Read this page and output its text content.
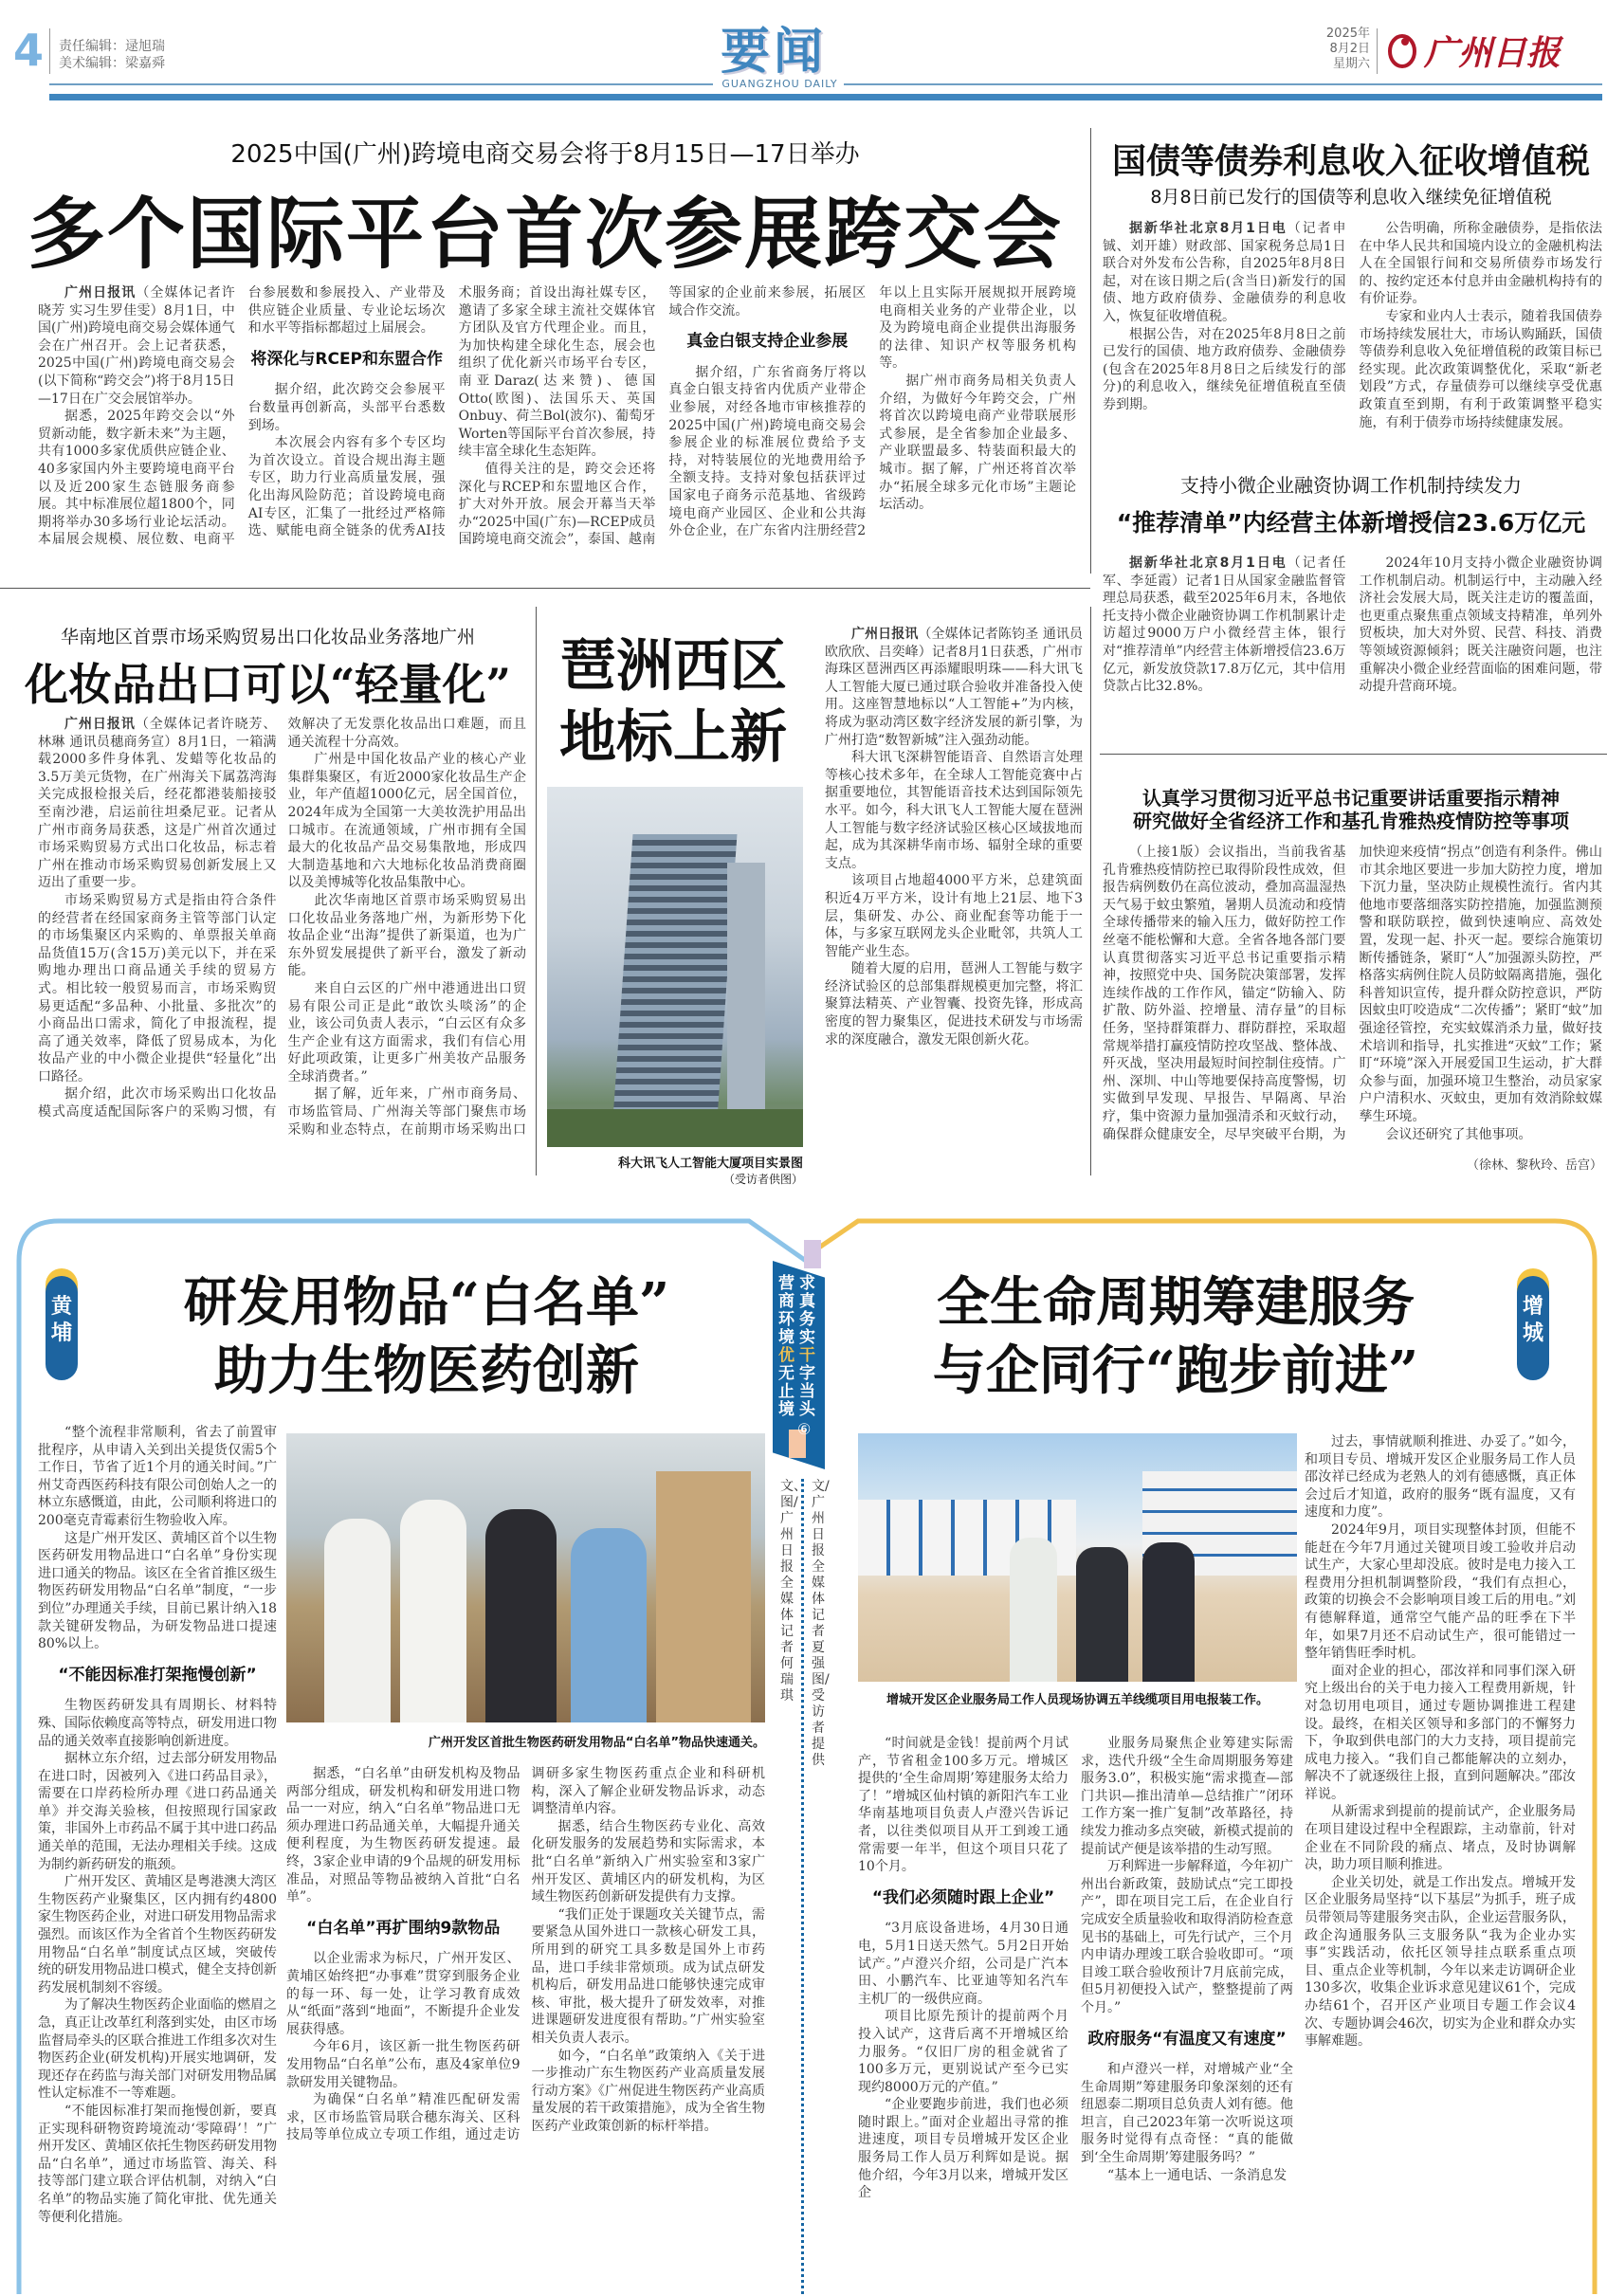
4 责任编辑：逯旭瑞
美术编辑：梁嘉舜	要闻
GUANGZHOU DAILY
2025年
8月2日
星期六 广州日报
2025中国(广州)跨境电商交易会将于8月15日—17日举办
多个国际平台首次参展跨交会

广州日报讯（全媒体记者许晓芳 实习生罗佳雯）8月1日，中国(广州)跨境电商交易会媒体通气会在广州召开。会上记者获悉，2025中国(广州)跨境电商交易会(以下简称“跨交会”)将于8月15日—17日在广交会展馆举办。

据悉，2025年跨交会以“外贸新动能，数字新未来”为主题，共有1000多家优质供应链企业、40多家国内外主要跨境电商平台以及近200家生态链服务商参展。其中标准展位超1800个，同期将举办30多场行业论坛活动。本届展会规模、展位数、电商平台参展数和参展投入、产业带及供应链企业质量、专业论坛场次和水平等指标都超过上届展会。

将深化与RCEP和东盟合作

据介绍，此次跨交会参展平台数量再创新高，头部平台悉数到场。

本次展会内容有多个专区均为首次设立。首设合规出海主题专区，助力行业高质量发展，强化出海风险防范；首设跨境电商AI专区，汇集了一批经过严格筛选、赋能电商全链条的优秀AI技术服务商；首设出海社媒专区，邀请了多家全球主流社交媒体官方团队及官方代理企业。而且，为加快构建全球化生态，展会也组织了优化新兴市场平台专区，南亚Daraz(达来赞)、德国Otto(欧图)、法国乐天、英国Onbuy、荷兰Bol(波尔)、葡萄牙Worten等国际平台首次参展，持续丰富全球化生态矩阵。

值得关注的是，跨交会还将深化与RCEP和东盟地区合作，扩大对外开放。展会开幕当天举办“2025中国(广东)—RCEP成员国跨境电商交流会”，泰国、越南等国家的企业前来参展，拓展区域合作交流。

真金白银支持企业参展

据介绍，广东省商务厅将以真金白银支持省内优质产业带企业参展，对经各地市审核推荐的2025中国(广州)跨境电商交易会参展企业的标准展位费给予支持，对特装展位的光地费用给予全额支持。支持对象包括获评过国家电子商务示范基地、省级跨境电商产业园区、企业和公共海外仓企业，在广东省内注册经营2年以上且实际开展规拟开展跨境电商相关业务的产业带企业，以及为跨境电商企业提供出海服务的法律、知识产权等服务机构等。

据广州市商务局相关负责人介绍，为做好今年跨交会，广州将首次以跨境电商产业带联展形式参展，是全省参加企业最多、产业联盟最多、特装面积最大的城市。据了解，广州还将首次举办“拓展全球多元化市场”主题论坛活动。

国债等债券利息收入征收增值税
8月8日前已发行的国债等利息收入继续免征增值税

据新华社北京8月1日电（记者申铖、刘开雄）财政部、国家税务总局1日联合对外发布公告称，自2025年8月8日起，对在该日期之后(含当日)新发行的国债、地方政府债券、金融债券的利息收入，恢复征收增值税。

根据公告，对在2025年8月8日之前已发行的国债、地方政府债券、金融债券(包含在2025年8月8日之后续发行的部分)的利息收入，继续免征增值税直至债券到期。

公告明确，所称金融债券，是指依法在中华人民共和国境内设立的金融机构法人在全国银行间和交易所债券市场发行的、按约定还本付息并由金融机构持有的有价证券。

专家和业内人士表示，随着我国债券市场持续发展壮大，市场认购踊跃，国债等债券利息收入免征增值税的政策目标已经实现。此次政策调整优化，采取“新老划段”方式，存量债券可以继续享受优惠政策直至到期，有利于政策调整平稳实施，有利于债券市场持续健康发展。

支持小微企业融资协调工作机制持续发力
“推荐清单”内经营主体新增授信23.6万亿元

据新华社北京8月1日电（记者任军、李延霞）记者1日从国家金融监督管理总局获悉，截至2025年6月末，各地依托支持小微企业融资协调工作机制累计走访超过9000万户小微经营主体，银行对“推荐清单”内经营主体新增授信23.6万亿元，新发放贷款17.8万亿元，其中信用贷款占比32.8%。

2024年10月支持小微企业融资协调工作机制启动。机制运行中，主动融入经济社会发展大局，既关注走访的覆盖面，也更重点聚焦重点领域支持精准，单列外贸板块，加大对外贸、民营、科技、消费等领域资源倾斜；既关注融资问题，也注重解决小微企业经营面临的困难问题，带动提升营商环境。

华南地区首票市场采购贸易出口化妆品业务落地广州
化妆品出口可以“轻量化”

广州日报讯（全媒体记者许晓芳、林琳 通讯员穗商务宣）8月1日，一箱满载2000多件身体乳、发蜡等化妆品的3.5万美元货物，在广州海关下属荔湾海关完成报检报关后，经花都港装船接驳至南沙港，启运前往坦桑尼亚。记者从广州市商务局获悉，这是广州首次通过市场采购贸易方式出口化妆品，标志着广州在推动市场采购贸易创新发展上又迈出了重要一步。

市场采购贸易方式是指由符合条件的经营者在经国家商务主管等部门认定的市场集聚区内采购的、单票报关单商品货值15万(含15万)美元以下，并在采购地办理出口商品通关手续的贸易方式。相比较一般贸易而言，市场采购贸易更适配“多品种、小批量、多批次”的小商品出口需求，简化了申报流程，提高了通关效率，降低了贸易成本，为化妆品产业的中小微企业提供“轻量化”出口路径。

据介绍，此次市场采购出口化妆品模式高度适配国际客户的采购习惯，有效解决了无发票化妆品出口难题，而且通关流程十分高效。

广州是中国化妆品产业的核心产业集群集聚区，有近2000家化妆品生产企业，年产值超1000亿元，居全国首位，2024年成为全国第一大美妆洗护用品出口城市。在流通领域，广州市拥有全国最大的化妆品产品交易集散地，形成四大制造基地和六大地标化妆品消费商圈以及美博城等化妆品集散中心。

此次华南地区首票市场采购贸易出口化妆品业务落地广州，为新形势下化妆品企业“出海”提供了新渠道，也为广东外贸发展提供了新平台，激发了新动能。

来自白云区的广州中港通进出口贸易有限公司正是此“敢饮头啖汤”的企业，该公司负责人表示，“白云区有众多生产企业有这方面需求，我们有信心用好此项政策，让更多广州美妆产品服务全球消费者。”

据了解，近年来，广州市商务局、市场监管局、广州海关等部门聚焦市场采购和业态特点，在前期市场采购出口

琶洲西区
地标上新
科大讯飞人工智能大厦项目实景图
（受访者供图）

广州日报讯（全媒体记者陈钧圣 通讯员欧欣欣、吕奕峰）记者8月1日获悉，广州市海珠区琶洲西区再添耀眼明珠——科大讯飞人工智能大厦已通过联合验收并准备投入使用。这座智慧地标以“人工智能+”为内核，将成为驱动湾区数字经济发展的新引擎，为广州打造“数智新城”注入强劲动能。

科大讯飞深耕智能语音、自然语言处理等核心技术多年，在全球人工智能竞赛中占据重要地位，其智能语音技术达到国际领先水平。如今，科大讯飞人工智能大厦在琶洲人工智能与数字经济试验区核心区域拔地而起，成为其深耕华南市场、辐射全球的重要支点。

该项目占地超4000平方米，总建筑面积近4万平方米，设计有地上21层、地下3层，集研发、办公、商业配套等功能于一体，与多家互联网龙头企业毗邻，共筑人工智能产业生态。

随着大厦的启用，琶洲人工智能与数字经济试验区的总部集群规模更加完整，将汇聚算法精英、产业智囊、投资先锋，形成高密度的智力聚集区，促进技术研发与市场需求的深度融合，激发无限创新火花。

认真学习贯彻习近平总书记重要讲话重要指示精神
研究做好全省经济工作和基孔肯雅热疫情防控等事项

（上接1版）会议指出，当前我省基孔肯雅热疫情防控已取得阶段性成效，但报告病例数仍在高位波动，叠加高温湿热天气易于蚊虫繁殖，暑期人员流动和疫情全球传播带来的输入压力，做好防控工作丝毫不能松懈和大意。全省各地各部门要认真贯彻落实习近平总书记重要指示精神，按照党中央、国务院决策部署，发挥连续作战的工作作风，锚定“防输入、防扩散、防外溢、控增量、清存量”的目标任务，坚持群策群力、群防群控，采取超常规举措打赢疫情防控攻坚战、整体战、歼灭战，坚决用最短时间控制住疫情。广州、深圳、中山等地要保持高度警惕，切实做到早发现、早报告、早隔离、早治疗，集中资源力量加强清杀和灭蚊行动，确保群众健康安全，尽早突破平台期，为加快迎来疫情“拐点”创造有利条件。佛山市其余地区要进一步加大防控力度，增加下沉力量，坚决防止规模性流行。省内其他地市要落细落实防控措施，加强监测预警和联防联控，做到快速响应、高效处置，发现一起、扑灭一起。要综合施策切断传播链条，紧盯“人”加强源头防控，严格落实病例住院人员防蚊隔离措施，强化科普知识宣传，提升群众防控意识，严防因蚊虫叮咬造成“二次传播”；紧盯“蚊”加强途径管控，充实蚊媒消杀力量，做好技术培训和指导，扎实推进“灭蚊”工作；紧盯“环境”深入开展爱国卫生运动，扩大群众参与面，加强环境卫生整治，动员家家户户清积水、灭蚊虫，更加有效消除蚊媒孳生环境。

会议还研究了其他事项。

（徐林、黎秋玲、岳宫）
求真务实干字当头
营商环境优无止境
⑥
文/广州日报全媒体记者夏强 图/受访者提供
文、图/广州日报全媒体记者何瑞琪
黄埔	研发用物品“白名单”
助力生物医药创新
广州开发区首批生物医药研发用物品“白名单”物品快速通关。

“整个流程非常顺利，省去了前置审批程序，从申请入关到出关提货仅需5个工作日，节省了近1个月的通关时间。”广州艾奇西医药科技有限公司创始人之一的林立东感慨道，由此，公司顺利将进口的200毫克青霉素衍生物验收入库。

这是广州开发区、黄埔区首个以生物医药研发用物品进口“白名单”身份实现进口通关的物品。该区在全省首推区级生物医药研发用物品“白名单”制度，“一步到位”办理通关手续，目前已累计纳入18款关键研发物品，为研发物品进口提速80%以上。

“不能因标准打架拖慢创新”

生物医药研发具有周期长、材料特殊、国际依赖度高等特点，研发用进口物品的通关效率直接影响创新进度。

据林立东介绍，过去部分研发用物品在进口时，因被列入《进口药品目录》，需要在口岸药检所办理《进口药品通关单》并交海关验核，但按照现行国家政策，非国外上市药品不属于其中进口药品通关单的范围，无法办理相关手续。这成为制约新药研发的瓶颈。

广州开发区、黄埔区是粤港澳大湾区生物医药产业聚集区，区内拥有约4800家生物医药企业，对进口研发用物品需求强烈。而该区作为全省首个生物医药研发用物品“白名单”制度试点区域，突破传统的研发用物品进口模式，健全支持创新药发展机制刻不容缓。

为了解决生物医药企业面临的燃眉之急，真正让改革红利落到实处，由区市场监督局牵头的区联合推进工作组多次对生物医药企业(研发机构)开展实地调研，发现还存在药监与海关部门对研发用物品属性认定标准不一等难题。

“不能因标准打架而拖慢创新，要真正实现科研物资跨境流动‘零障碍’！”广州开发区、黄埔区依托生物医药研发用物品“白名单”，通过市场监管、海关、科技等部门建立联合评估机制，对纳入“白名单”的物品实施了简化审批、优先通关等便利化措施。

据悉，“白名单”由研发机构及物品两部分组成，研发机构和研发用进口物品一一对应，纳入“白名单”物品进口无须办理进口药品通关单，大幅提升通关便利程度，为生物医药研发提速。最终，3家企业申请的9个品规的研发用标准品，对照品等物品被纳入首批“白名单”。

“白名单”再扩围纳9款物品

以企业需求为标尺，广州开发区、黄埔区始终把“办事难”贯穿到服务企业的每一环、每一处，让学习教育成效从“纸面”落到“地面”，不断提升企业发展获得感。

今年6月，该区新一批生物医药研发用物品“白名单”公布，惠及4家单位9款研发用关键物品。

为确保“白名单”精准匹配研发需求，区市场监管局联合穗东海关、区科技局等单位成立专项工作组，通过走访调研多家生物医药重点企业和科研机构，深入了解企业研发物品诉求，动态调整清单内容。

据悉，结合生物医药专业化、高效化研发服务的发展趋势和实际需求，本批“白名单”新纳入广州实验室和3家广州开发区、黄埔区内的研发机构，为区域生物医药创新研发提供有力支撑。

“我们正处于课题攻关关键节点，需要紧急从国外进口一款核心研发工具，所用到的研究工具多数是国外上市药品，进口手续非常烦琐。成为试点研发机构后，研发用品进口能够快速完成审核、审批，极大提升了研发效率，对推进课题研发进度很有帮助。”广州实验室相关负责人表示。

如今，“白名单”政策纳入《关于进一步推动广东生物医药产业高质量发展行动方案》《广州促进生物医药产业高质量发展的若干政策措施》，成为全省生物医药产业政策创新的标杆举措。

增城
全生命周期筹建服务
与企同行“跑步前进”
增城开发区企业服务局工作人员现场协调五羊线缆项目用电报装工作。

“时间就是金钱！提前两个月试产，节省租金100多万元。增城区提供的‘全生命周期’筹建服务太给力了！”增城区仙村镇的新阳汽车工业华南基地项目负责人卢澄兴告诉记者，以往类似项目从开工到竣工通常需要一年半，但这个项目只花了10个月。

“我们必须随时跟上企业”

“3月底设备进场，4月30日通电，5月1日送天然气。5月2日开始试产。”卢澄兴介绍，公司是广汽本田、小鹏汽车、比亚迪等知名汽车主机厂的一级供应商。

项目比原先预计的提前两个月投入试产，这背后离不开增城区给力服务。“仅旧厂房的租金就省了100多万元，更别说试产至今已实现约8000万元的产值。”

“企业要跑步前进，我们也必须随时跟上。”面对企业超出寻常的推进速度，项目专员增城开发区企业服务局工作人员万利辉如是说。据他介绍，今年3月以来，增城开发区企

业服务局聚焦企业筹建实际需求，迭代升级“全生命周期服务筹建服务3.0”，积极实施“需求揽查—部门共识—推出清单—总结推广”闭环工作方案一推广复制”改革路径，持续发力推动多点突破，新模式提前的提前试产便是该举措的生动写照。

万利辉进一步解释道，今年初广州出台新政策，鼓励试点“完工即投产”，即在项目完工后，在企业自行完成安全质量验收和取得消防检查意见书的基础上，可先行试产，三个月内申请办理竣工联合验收即可。“项目竣工联合验收预计7月底前完成，但5月初便投入试产，整整提前了两个月。”

政府服务“有温度又有速度”

和卢澄兴一样，对增城产业“全生命周期”筹建服务印象深刻的还有纽恩泰二期项目总负责人刘有德。他坦言，自己2023年第一次听说这项服务时觉得有点奇怪：“真的能做到‘全生命周期’筹建服务吗？”

“基本上一通电话、一条消息发

过去，事情就顺利推进、办妥了。”如今，和项目专员、增城开发区企业服务局工作人员邵汝祥已经成为老熟人的刘有德感慨，真正体会过后才知道，政府的服务“既有温度，又有速度和力度”。

2024年9月，项目实现整体封顶，但能不能赶在今年7月通过关键项目竣工验收并启动试生产，大家心里却没底。彼时是电力接入工程费用分担机制调整阶段，“我们有点担心，政策的切换会不会影响项目竣工后的用电。”刘有德解释道，通常空气能产品的旺季在下半年，如果7月还不启动试生产，很可能错过一整年销售旺季时机。

面对企业的担心，邵汝祥和同事们深入研究上级出台的关于电力接入工程费用新规，针对急切用电项目，通过专题协调推进工程建设。最终，在相关区领导和多部门的不懈努力下，争取到供电部门的大力支持，项目提前完成电力接入。“我们自己都能解决的立刻办，解决不了就逐级往上报，直到问题解决。”邵汝祥说。

从新需求到提前的提前试产，企业服务局在项目建设过程中全程跟踪，主动靠前，针对企业在不同阶段的痛点、堵点，及时协调解决，助力项目顺利推进。

企业关切处，就是工作出发点。增城开发区企业服务局坚持“以下基层”为抓手，班子成员带领局等建服务突击队，企业运营服务队，政企沟通服务队三支服务队“我为企业办实事”实践活动，依托区领导挂点联系重点项目、重点企业等机制，今年以来走访调研企业130多次，收集企业诉求意见建议61个，完成办结61个，召开区产业项目专题工作会议4次、专题协调会46次，切实为企业和群众办实事解难题。
